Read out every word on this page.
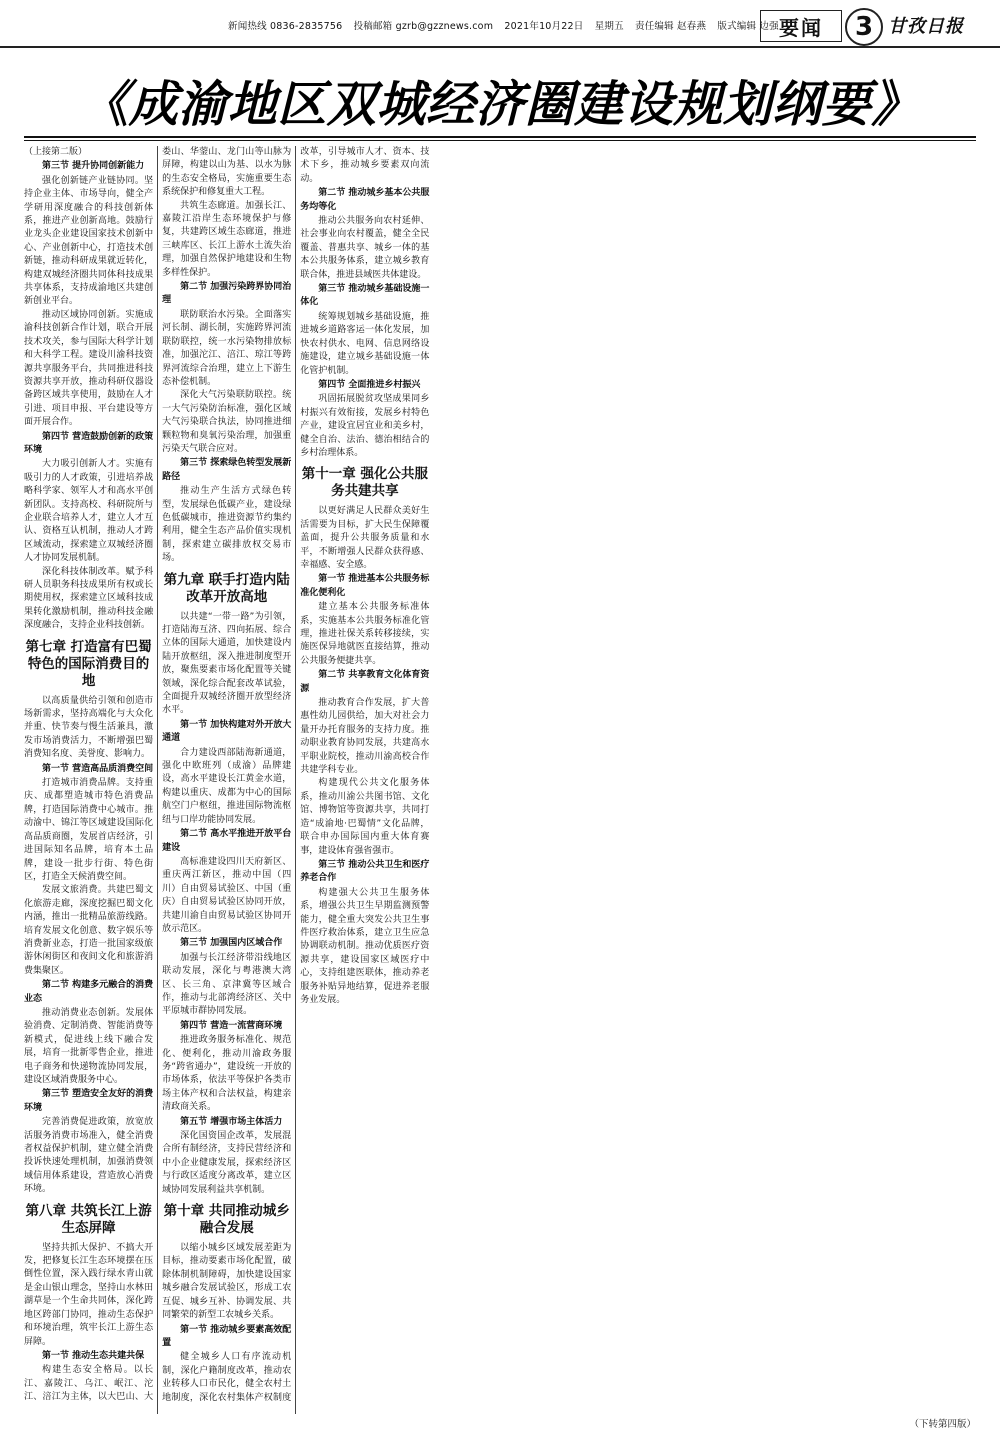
新闻热线 0836-2835756 投稿邮箱 gzrb@gzznews.com 2021年10月22日 星期五 责任编辑 赵春燕 版式编辑 边强 要闻	3 甘孜日报
《成渝地区双城经济圈建设规划纲要》

（上接第二版）

第三节 提升协同创新能力

强化创新链产业链协同。坚持企业主体、市场导向，健全产学研用深度融合的科技创新体系，推进产业创新高地。鼓励行业龙头企业建设国家技术创新中心、产业创新中心，打造技术创新链，推动科研成果就近转化，构建双城经济圈共同体科技成果共享体系，支持成渝地区共建创新创业平台。

推动区域协同创新。实施成渝科技创新合作计划，联合开展技术攻关，参与国际大科学计划和大科学工程。建设川渝科技资源共享服务平台，共同推进科技资源共享开放，推动科研仪器设备跨区域共享使用，鼓励在人才引进、项目申报、平台建设等方面开展合作。

第四节 营造鼓励创新的政策环境

大力吸引创新人才。实施有吸引力的人才政策，引进培养战略科学家、领军人才和高水平创新团队。支持高校、科研院所与企业联合培养人才，建立人才互认、资格互认机制，推动人才跨区域流动，探索建立双城经济圈人才协同发展机制。

深化科技体制改革。赋予科研人员职务科技成果所有权或长期使用权，探索建立区域科技成果转化激励机制，推动科技金融深度融合，支持企业科技创新。

第七章 打造富有巴蜀特色的国际消费目的地

以高质量供给引领和创造市场新需求，坚持高端化与大众化并重、快节奏与慢生活兼具，激发市场消费活力，不断增强巴蜀消费知名度、美誉度、影响力。

第一节 营造高品质消费空间

打造城市消费品牌。支持重庆、成都塑造城市特色消费品牌，打造国际消费中心城市。推动渝中、锦江等区域建设国际化高品质商圈，发展首店经济，引进国际知名品牌，培育本土品牌，建设一批步行街、特色街区，打造全天候消费空间。

发展文旅消费。共建巴蜀文化旅游走廊，深度挖掘巴蜀文化内涵，推出一批精品旅游线路。培育发展文化创意、数字娱乐等消费新业态，打造一批国家级旅游休闲街区和夜间文化和旅游消费集聚区。

第二节 构建多元融合的消费业态

推动消费业态创新。发展体验消费、定制消费、智能消费等新模式，促进线上线下融合发展，培育一批新零售企业，推进电子商务和快递物流协同发展，建设区域消费服务中心。

第三节 塑造安全友好的消费环境

完善消费促进政策，放宽放活服务消费市场准入，健全消费者权益保护机制，建立健全消费投诉快速处理机制，加强消费领域信用体系建设，营造放心消费环境。

第八章 共筑长江上游生态屏障

坚持共抓大保护、不搞大开发，把修复长江生态环境摆在压倒性位置，深入践行绿水青山就是金山银山理念，坚持山水林田湖草是一个生命共同体，深化跨地区跨部门协同，推动生态保护和环境治理，筑牢长江上游生态屏障。

第一节 推动生态共建共保

构建生态安全格局。以长江、嘉陵江、乌江、岷江、沱江、涪江为主体，以大巴山、大娄山、华蓥山、龙门山等山脉为屏障，构建以山为基、以水为脉的生态安全格局，实施重要生态系统保护和修复重大工程。

共筑生态廊道。加强长江、嘉陵江沿岸生态环境保护与修复，共建跨区域生态廊道，推进三峡库区、长江上游水土流失治理，加强自然保护地建设和生物多样性保护。

第二节 加强污染跨界协同治理

联防联治水污染。全面落实河长制、湖长制，实施跨界河流联防联控，统一水污染物排放标准，加强沱江、涪江、琼江等跨界河流综合治理，建立上下游生态补偿机制。

深化大气污染联防联控。统一大气污染防治标准，强化区域大气污染联合执法，协同推进细颗粒物和臭氧污染治理，加强重污染天气联合应对。

第三节 探索绿色转型发展新路径

推动生产生活方式绿色转型，发展绿色低碳产业，建设绿色低碳城市，推进资源节约集约利用，健全生态产品价值实现机制，探索建立碳排放权交易市场。

第九章 联手打造内陆改革开放高地

以共建“一带一路”为引领，打造陆海互济、四向拓展、综合立体的国际大通道，加快建设内陆开放枢纽，深入推进制度型开放，聚焦要素市场化配置等关键领域，深化综合配套改革试验，全面提升双城经济圈开放型经济水平。

第一节 加快构建对外开放大通道

合力建设西部陆海新通道，强化中欧班列（成渝）品牌建设，高水平建设长江黄金水道，构建以重庆、成都为中心的国际航空门户枢纽，推进国际物流枢纽与口岸功能协同发展。

第二节 高水平推进开放平台建设

高标准建设四川天府新区、重庆两江新区，推动中国（四川）自由贸易试验区、中国（重庆）自由贸易试验区协同开放，共建川渝自由贸易试验区协同开放示范区。

第三节 加强国内区域合作

加强与长江经济带沿线地区联动发展，深化与粤港澳大湾区、长三角、京津冀等区域合作，推动与北部湾经济区、关中平原城市群协同发展。

第四节 营造一流营商环境

推进政务服务标准化、规范化、便利化，推动川渝政务服务“跨省通办”，建设统一开放的市场体系，依法平等保护各类市场主体产权和合法权益，构建亲清政商关系。

第五节 增强市场主体活力

深化国资国企改革，发展混合所有制经济，支持民营经济和中小企业健康发展，探索经济区与行政区适度分离改革，建立区域协同发展利益共享机制。

第十章 共同推动城乡融合发展

以缩小城乡区域发展差距为目标，推动要素市场化配置，破除体制机制障碍，加快建设国家城乡融合发展试验区，形成工农互促、城乡互补、协调发展、共同繁荣的新型工农城乡关系。

第一节 推动城乡要素高效配置

健全城乡人口有序流动机制，深化户籍制度改革，推动农业转移人口市民化，健全农村土地制度，深化农村集体产权制度改革，引导城市人才、资本、技术下乡，推动城乡要素双向流动。

第二节 推动城乡基本公共服务均等化

推动公共服务向农村延伸、社会事业向农村覆盖，健全全民覆盖、普惠共享、城乡一体的基本公共服务体系，建立城乡教育联合体，推进县域医共体建设。

第三节 推动城乡基础设施一体化

统筹规划城乡基础设施，推进城乡道路客运一体化发展，加快农村供水、电网、信息网络设施建设，建立城乡基础设施一体化管护机制。

第四节 全面推进乡村振兴

巩固拓展脱贫攻坚成果同乡村振兴有效衔接，发展乡村特色产业，建设宜居宜业和美乡村，健全自治、法治、德治相结合的乡村治理体系。

第十一章 强化公共服务共建共享

以更好满足人民群众美好生活需要为目标，扩大民生保障覆盖面，提升公共服务质量和水平，不断增强人民群众获得感、幸福感、安全感。

第一节 推进基本公共服务标准化便利化

建立基本公共服务标准体系，实施基本公共服务标准化管理，推进社保关系转移接续，实施医保异地就医直接结算，推动公共服务便捷共享。

第二节 共享教育文化体育资源

推动教育合作发展，扩大普惠性幼儿园供给，加大对社会力量开办托育服务的支持力度。推动职业教育协同发展，共建高水平职业院校，推动川渝高校合作共建学科专业。

构建现代公共文化服务体系，推动川渝公共图书馆、文化馆、博物馆等资源共享，共同打造“成渝地·巴蜀情”文化品牌，联合申办国际国内重大体育赛事，建设体育强省强市。

第三节 推动公共卫生和医疗养老合作

构建强大公共卫生服务体系，增强公共卫生早期监测预警能力，健全重大突发公共卫生事件医疗救治体系，建立卫生应急协调联动机制。推动优质医疗资源共享，建设国家区域医疗中心，支持组建医联体，推动养老服务补贴异地结算，促进养老服务业发展。

（下转第四版）
